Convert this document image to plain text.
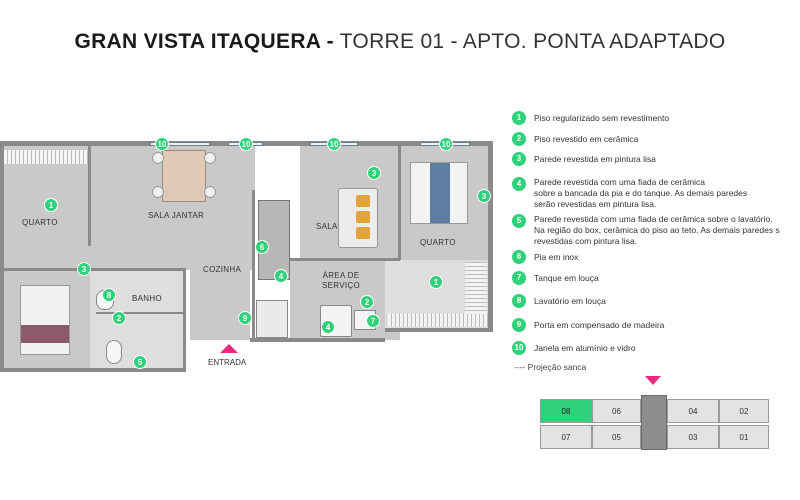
GRAN VISTA ITAQUERA - TORRE 01 - APTO. PONTA ADAPTADO
QUARTO
SALA JANTAR
SALA
QUARTO
COZINHA
BANHO
ÁREA DE
SERVIÇO
10	10	10	10
1
1
3
3
3
6
4
4
8
2
2
9
5
7
ENTRADA
1	Piso regularizado sem revestimento
2	Piso revestido em cerâmica
3	Parede revestida em pintura lisa
4	Parede revestida com uma fiada de cerâmica
sobre a bancada da pia e do tanque. As demais paredes
serão revestidas em pintura lisa.
5	Parede revestida com uma fiada de cerâmica sobre o lavatório.
Na região do box, cerâmica do piso ao teto. As demais paredes s
revestidas com pintura lisa.
6	Pia em inox
7	Tanque em louça
8	Lavatório em louça
9	Porta em compensado de madeira
10 Janela em alumínio e vidro
---- Projeção sanca
08	06	04	02
07	05	03	01
